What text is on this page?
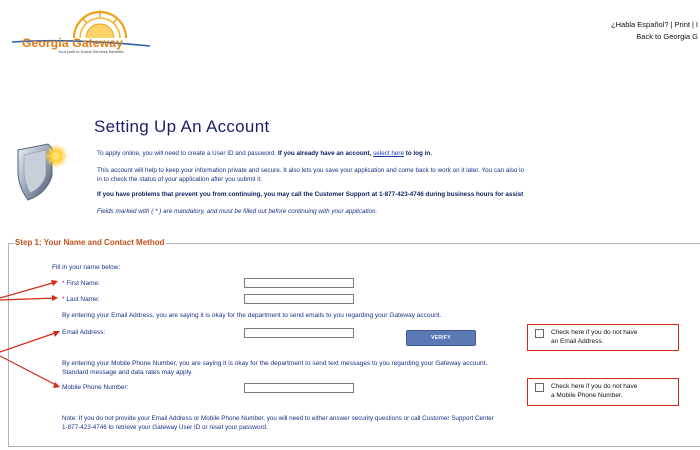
Georgia Gateway
Your path to Social Services Benefits
¿Habla Español? | Print | I
Back to Georgia G
Setting Up An Account
To apply online, you will need to create a User ID and password. If you already have an account, select here to log in.
This account will help to keep your information private and secure. It also lets you save your application and come back to work on it later. You can also lo
in to check the status of your application after you submit it.
If you have problems that prevent you from continuing, you may call the Customer Support at 1-877-423-4746 during business hours for assist
Fields marked with ( * ) are mandatory, and must be filled out before continuing with your application.
Step 1: Your Name and Contact Method
Fill in your name below:
* First Name:
* Last Name:
By entering your Email Address, you are saying it is okay for the department to send emails to you regarding your Gateway account.
Email Address:
VERIFY
Check here if you do not have
an Email Address.
By entering your Mobile Phone Number, you are saying it is okay for the department to send text messages to you regarding your Gateway account.
Standard message and data rates may apply.
Mobile Phone Number:	Check here if you do not have
a Mobile Phone Number.
Note: If you do not provide your Email Address or Mobile Phone Number, you will need to either answer security questions or call Customer Support Center
1-877-423-4746 to retrieve your Gateway User ID or reset your password.
